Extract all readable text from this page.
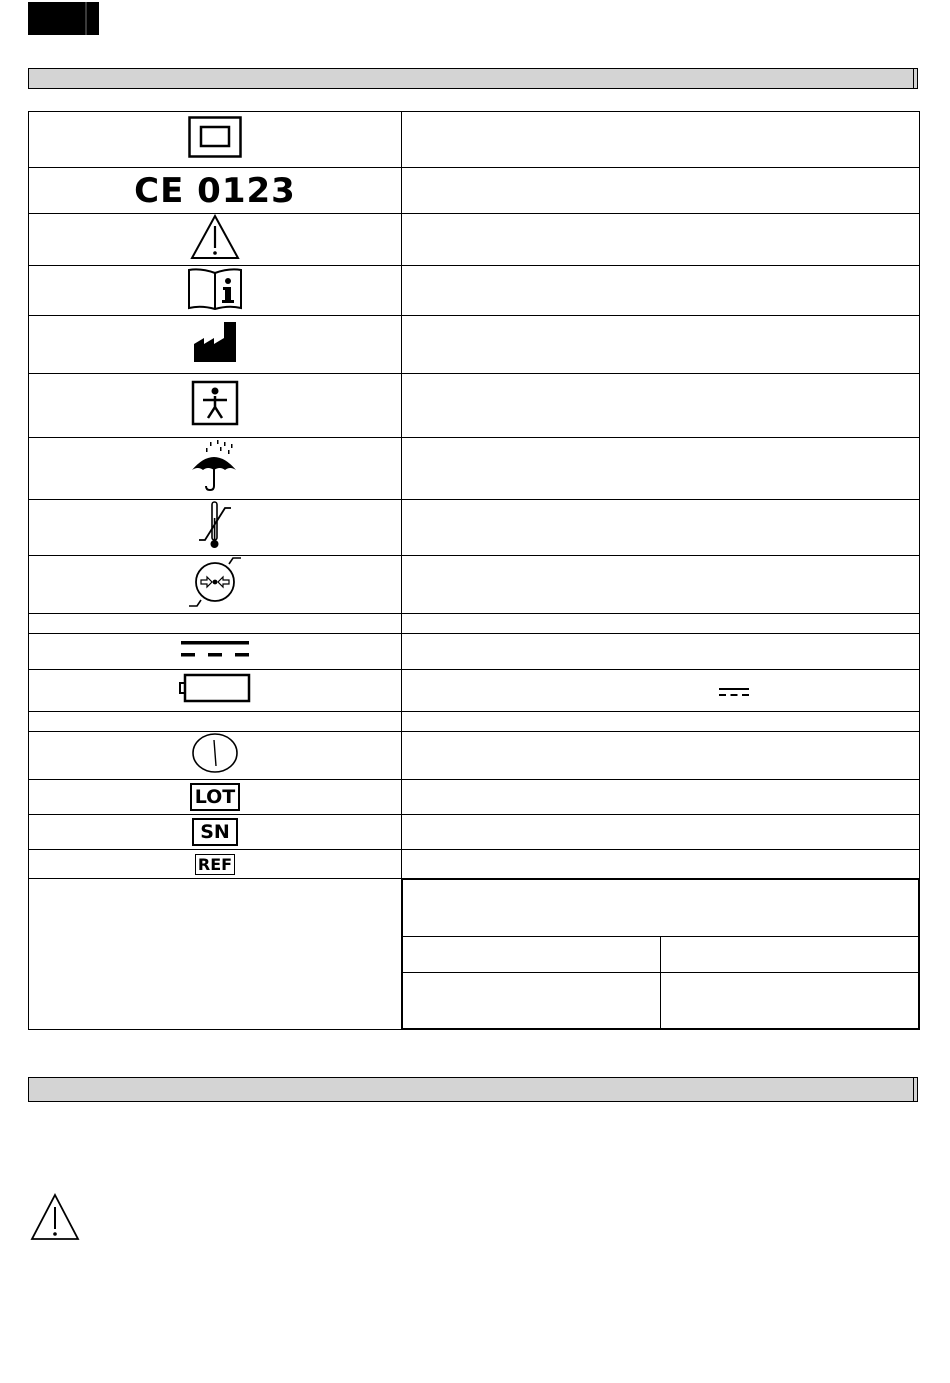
CE 0123	

LOT	
SN	
REF	
